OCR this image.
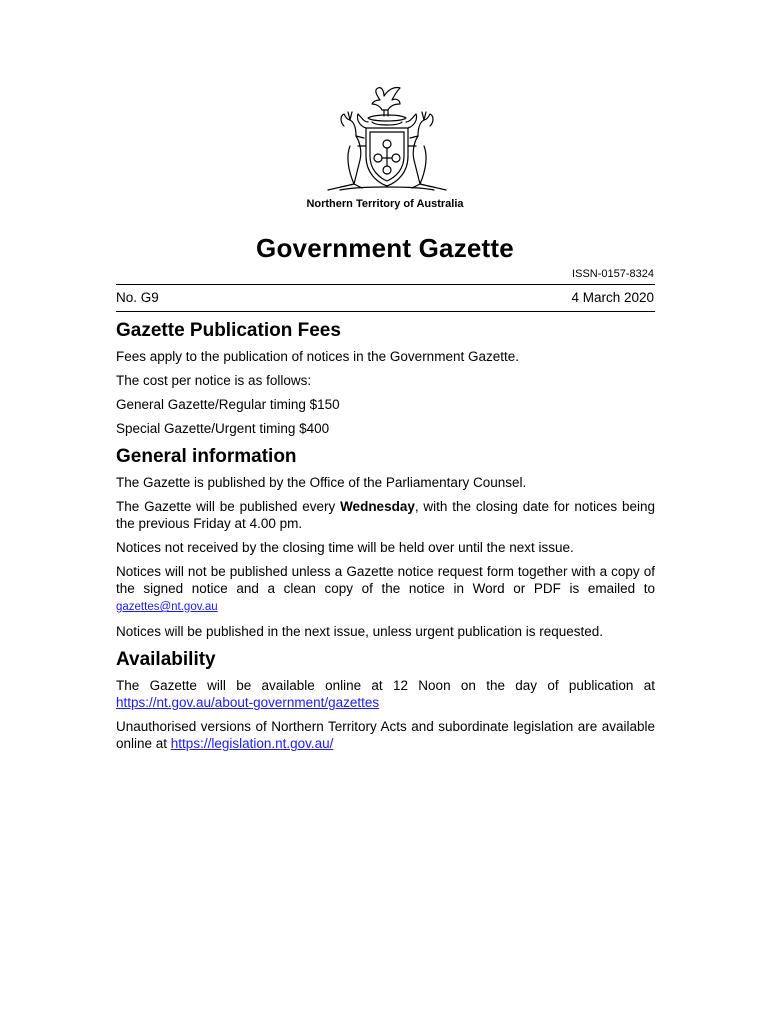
Northern Territory of Australia
Government Gazette
ISSN-0157-8324
No. G9	4 March 2020
Gazette Publication Fees

Fees apply to the publication of notices in the Government Gazette.

The cost per notice is as follows:

General Gazette/Regular timing $150

Special Gazette/Urgent timing $400

General information

The Gazette is published by the Office of the Parliamentary Counsel.

The Gazette will be published every Wednesday, with the closing date for notices being the previous Friday at 4.00 pm.

Notices not received by the closing time will be held over until the next issue.

Notices will not be published unless a Gazette notice request form together with a copy of the signed notice and a clean copy of the notice in Word or PDF is emailed to gazettes@nt.gov.au

Notices will be published in the next issue, unless urgent publication is requested.

Availability

The Gazette will be available online at 12 Noon on the day of publication at https://nt.gov.au/about-government/gazettes

Unauthorised versions of Northern Territory Acts and subordinate legislation are available online at https://legislation.nt.gov.au/
